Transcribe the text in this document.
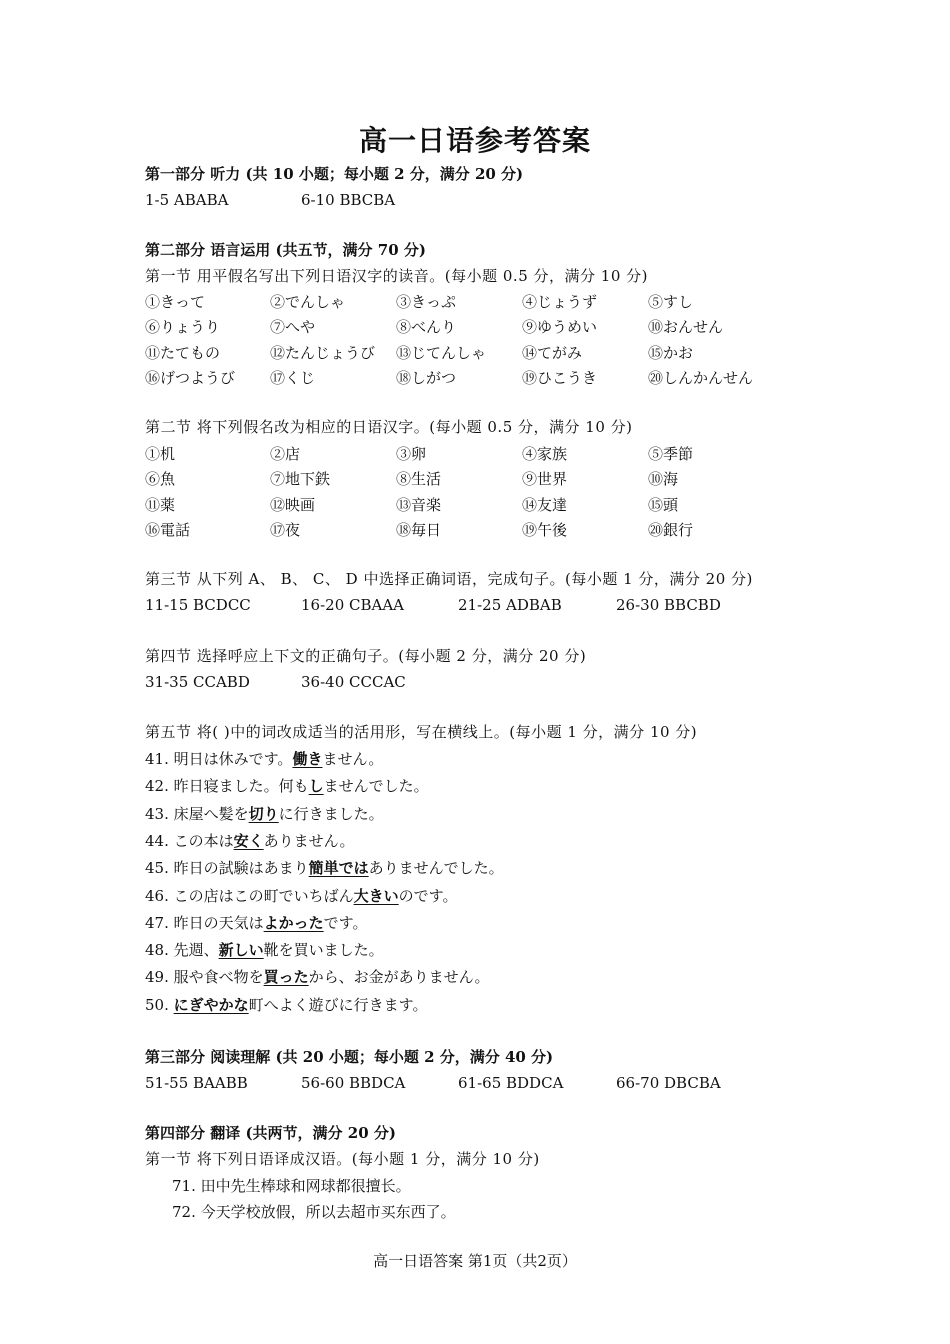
高一日语参考答案
第一部分 听力 (共 10 小题；每小题 2 分，满分 20 分)
1-5 ABABA	6-10 BBCBA
第二部分 语言运用 (共五节，满分 70 分)
第一节 用平假名写出下列日语汉字的读音。(每小题 0.5 分，满分 10 分)
①きって	②でんしゃ	③きっぷ	④じょうず	⑤すし
⑥りょうり	⑦へや	⑧べんり	⑨ゆうめい	⑩おんせん
⑪たてもの	⑫たんじょうび ⑬じてんしゃ ⑭てがみ	⑮かお
⑯げつようび ⑰くじ	⑱しがつ	⑲ひこうき	⑳しんかんせん
第二节 将下列假名改为相应的日语汉字。(每小题 0.5 分，满分 10 分)
①机	②店	③卵	④家族	⑤季節
⑥魚	⑦地下鉄	⑧生活	⑨世界	⑩海
⑪薬	⑫映画	⑬音楽	⑭友達	⑮頭
⑯電話	⑰夜	⑱毎日	⑲午後	⑳銀行
第三节 从下列 A、 B、 C、 D 中选择正确词语，完成句子。(每小题 1 分，满分 20 分)
11-15 BCDCC	16-20 CBAAA	21-25 ADBAB	26-30 BBCBD
第四节 选择呼应上下文的正确句子。(每小题 2 分，满分 20 分)
31-35 CCABD	36-40 CCCAC
第五节 将( )中的词改成适当的活用形，写在横线上。(每小题 1 分，满分 10 分)
41. 明日は休みです。働きません。
42. 昨日寝ました。何もしませんでした。
43. 床屋へ髪を切りに行きました。
44. この本は安くありません。
45. 昨日の試験はあまり簡単ではありませんでした。
46. この店はこの町でいちばん大きいのです。
47. 昨日の天気はよかったです。
48. 先週、新しい靴を買いました。
49. 服や食べ物を買ったから、お金がありません。
50. にぎやかな町へよく遊びに行きます。
第三部分 阅读理解 (共 20 小题；每小题 2 分，满分 40 分)
51-55 BAABB	56-60 BBDCA	61-65 BDDCA	66-70 DBCBA
第四部分 翻译 (共两节，满分 20 分)
第一节 将下列日语译成汉语。(每小题 1 分，满分 10 分)
71. 田中先生棒球和网球都很擅长。
72. 今天学校放假，所以去超市买东西了。
高一日语答案 第1页（共2页）
